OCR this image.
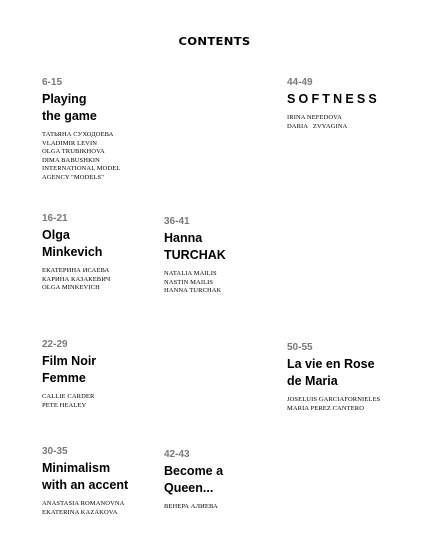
CONTENTS
6-15
Playing
the game
ТАТЬЯНА СУХОДОЕВА
VLADIMIR LEVIN
OLGA TRUBIKHOVA
DIMA BABUSHKIN
INTERNATIONAL MODEL
AGENCY "MODELS"
44-49
SOFTNESS
IRINA NEFEDOVA
DARIA   ZVYAGINA
16-21
Olga
Minkevich
ЕКАТЕРИНА ИСАЕВА
КАРИНА КАЗАКЕВИЧ
OLGA MINKEVICH
36-41
Hanna
TURCHAK
NATALIA MAILIS
NASTIN MAILIS
HANNA TURCHAK
22-29
Film Noir
Femme
CALLIE CARDER
PETE HEALEY
50-55
La vie en Rose
de Maria
JOSELUIS GARCIAFORNIELES
MARIA PEREZ CANTERO
30-35
Minimalism
with an accent
ANASTASIA ROMANOVNA
EKATERINA KAZAKOVA
42-43
Become a
Queen...
ВЕНЕРА АЛИЕВА
